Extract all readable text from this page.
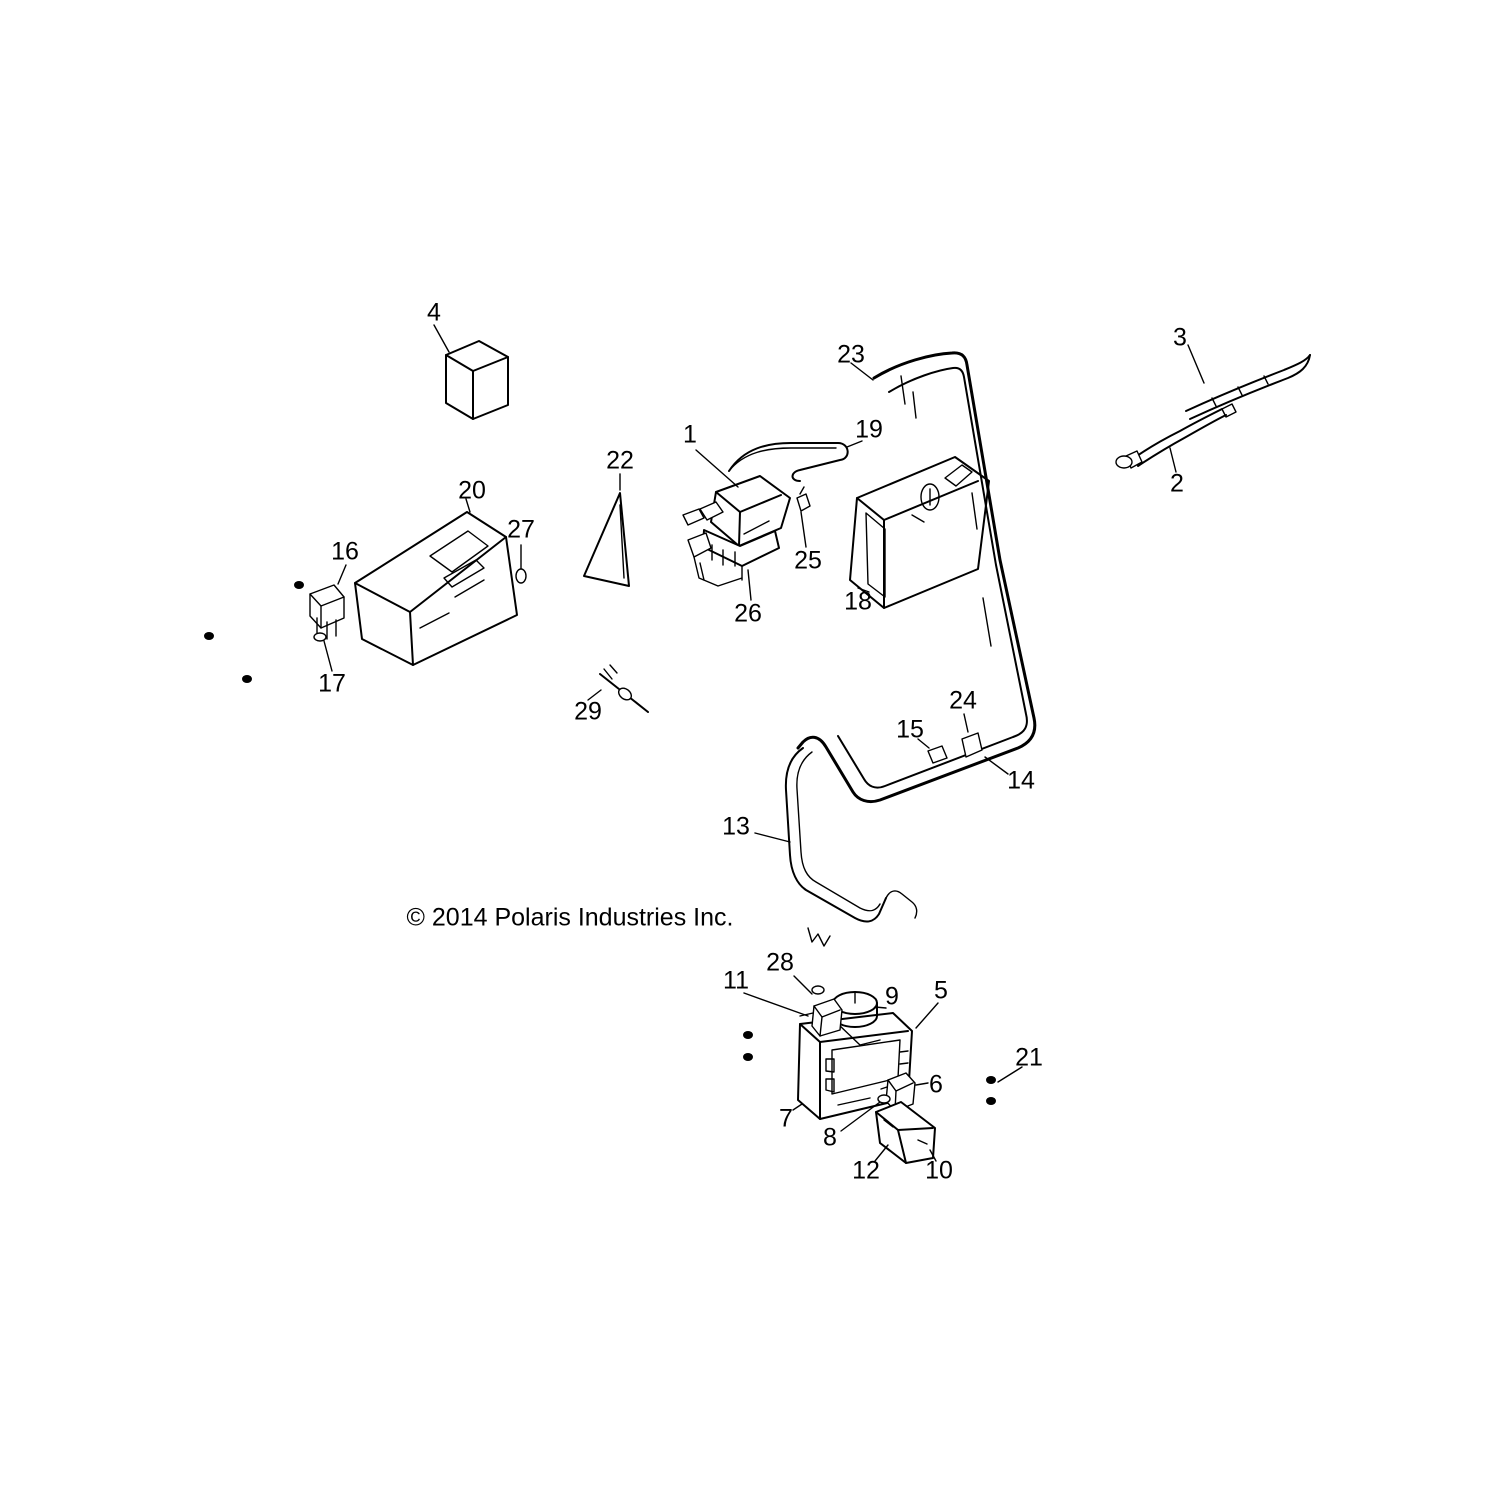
1
2
3
4
5
6
7
8
9
10
11
12
13
14
15
16
17
18
19
20
21
22
23
24
25
26
27
28
29
© 2014 Polaris Industries Inc.
